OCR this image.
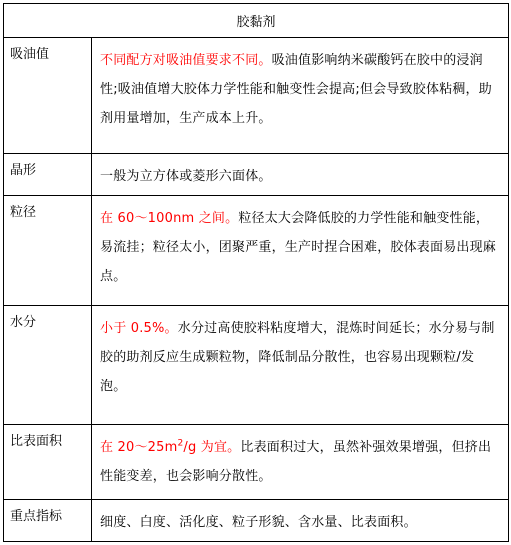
胶黏剂	
吸油值	不同配方对吸油值要求不同。吸油值影响纳米碳酸钙在胶中的浸润性;吸油值增大胶体力学性能和触变性会提高;但会导致胶体粘稠，助剂用量增加，生产成本上升。
晶形	一般为立方体或菱形六面体。
粒径	在 60～100nm 之间。粒径太大会降低胶的力学性能和触变性能，易流挂；粒径太小，团聚严重，生产时捏合困难，胶体表面易出现麻点。
水分	小于 0.5%。水分过高使胶料粘度增大，混炼时间延长；水分易与制胶的助剂反应生成颗粒物，降低制品分散性，也容易出现颗粒/发泡。
比表面积	在 $20\sim 25m^2/g$ 为宜。比表面积过大，虽然补强效果增强，但挤出性能变差，也会影响分散性。
重点指标	细度、白度、活化度、粒子形貌、含水量、比表面积。
